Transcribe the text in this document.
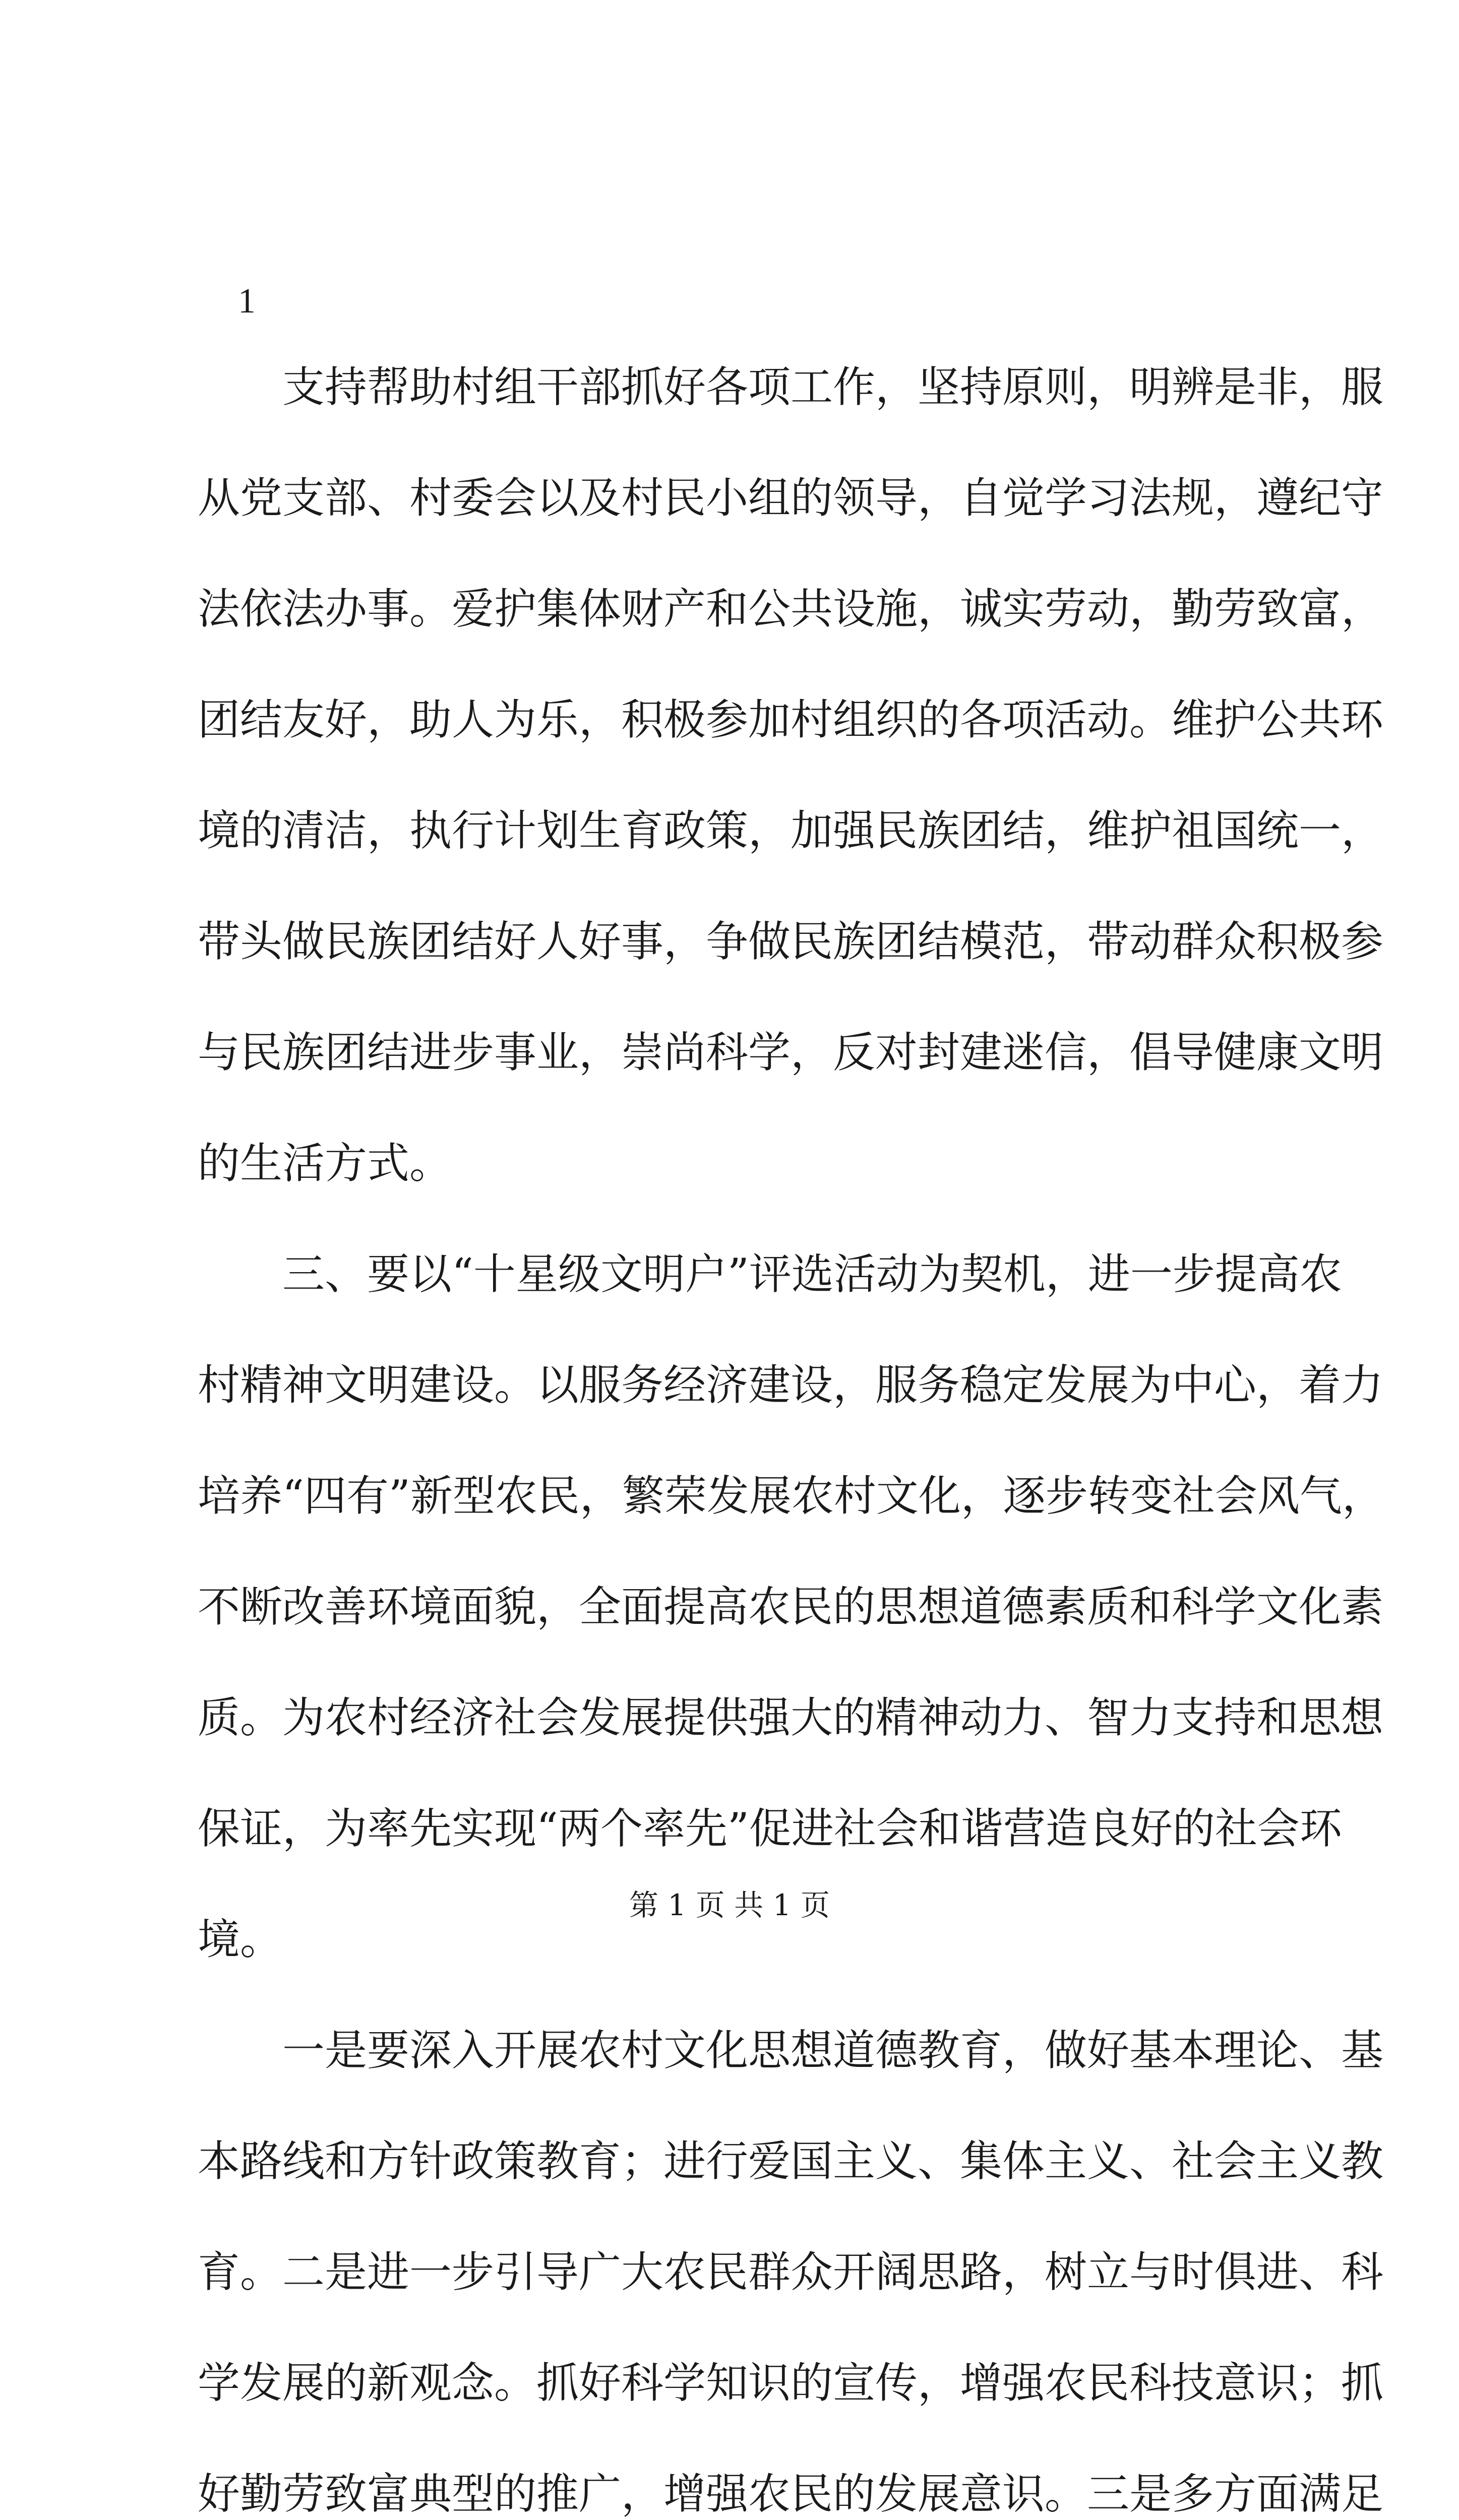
1
支持帮助村组干部抓好各项工作，坚持原则，明辨是非，服
从党支部、村委会以及村民小组的领导，自觉学习法规，遵纪守
法依法办事。爱护集体财产和公共设施，诚实劳动，勤劳致富，
团结友好，助人为乐，积极参加村组织的各项活动。维护公共环
境的清洁，执行计划生育政策，加强民族团结，维护祖国统一，
带头做民族团结好人好事，争做民族团结模范，带动群众积极参
与民族团结进步事业，崇尚科学，反对封建迷信，倡导健康文明
的生活方式。
三、要以“十星级文明户”评选活动为契机，进一步提高农
村精神文明建设。以服务经济建设，服务稳定发展为中心，着力
培养“四有”新型农民，繁荣发展农村文化，逐步转变社会风气，
不断改善环境面貌，全面提高农民的思想道德素质和科学文化素
质。为农村经济社会发展提供强大的精神动力、智力支持和思想
保证，为率先实现“两个率先”促进社会和谐营造良好的社会环
境。
一是要深入开展农村文化思想道德教育，做好基本理论、基
本路线和方针政策教育；进行爱国主义、集体主义、社会主义教
育。二是进一步引导广大农民群众开阔思路，树立与时俱进、科
学发展的新观念。抓好科学知识的宣传，增强农民科技意识；抓
好勤劳致富典型的推广，增强农民的发展意识。三是多方面满足
第 1 页 共 1 页
